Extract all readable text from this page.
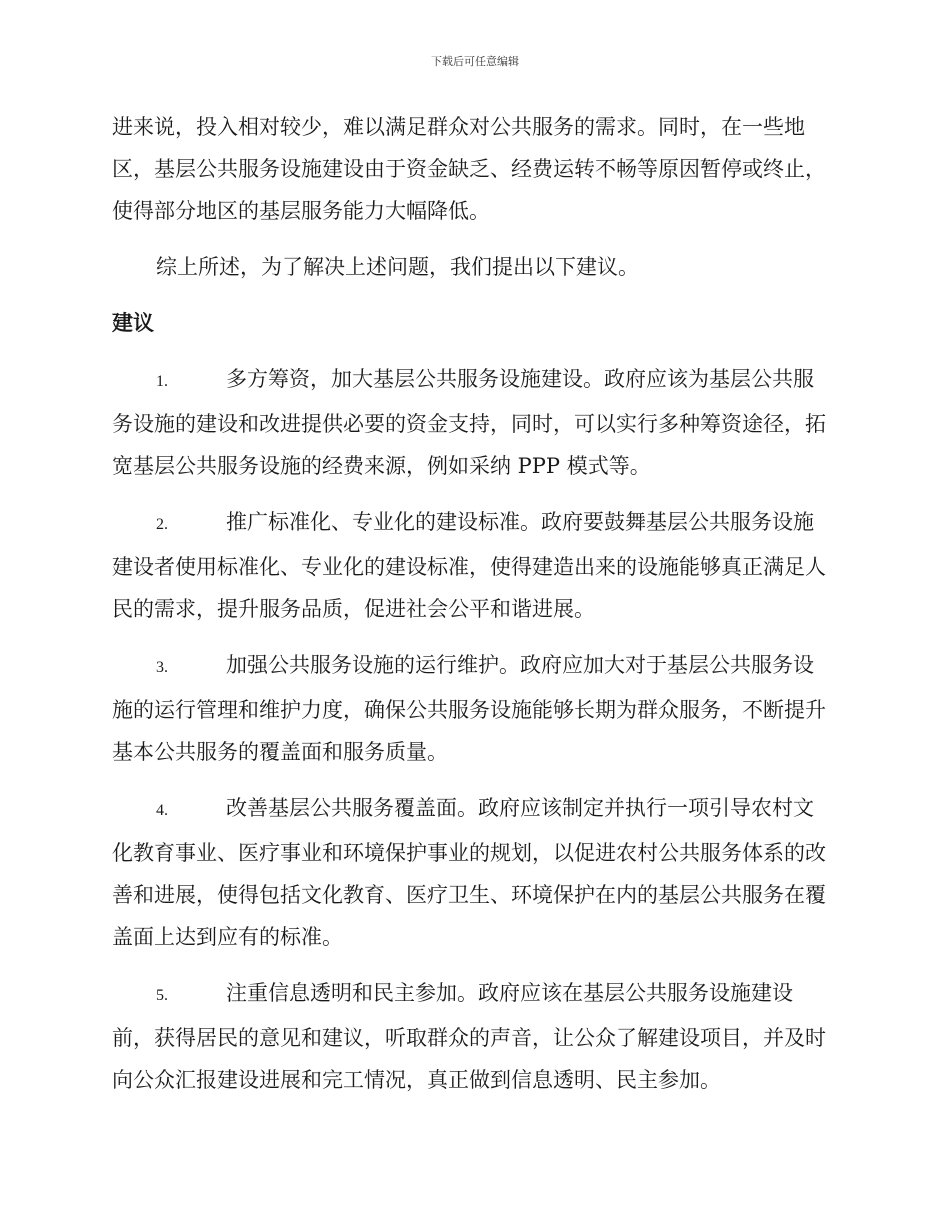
下载后可任意编辑

进来说，投入相对较少，难以满足群众对公共服务的需求。同时，在一些地区，基层公共服务设施建设由于资金缺乏、经费运转不畅等原因暂停或终止，使得部分地区的基层服务能力大幅降低。

综上所述，为了解决上述问题，我们提出以下建议。

建议

1.	多方筹资，加大基层公共服务设施建设。政府应该为基层公共服务设施的建设和改进提供必要的资金支持，同时，可以实行多种筹资途径，拓宽基层公共服务设施的经费来源，例如采纳 PPP 模式等。

2.	推广标准化、专业化的建设标准。政府要鼓舞基层公共服务设施建设者使用标准化、专业化的建设标准，使得建造出来的设施能够真正满足人民的需求，提升服务品质，促进社会公平和谐进展。

3.	加强公共服务设施的运行维护。政府应加大对于基层公共服务设施的运行管理和维护力度，确保公共服务设施能够长期为群众服务，不断提升基本公共服务的覆盖面和服务质量。

4.	改善基层公共服务覆盖面。政府应该制定并执行一项引导农村文化教育事业、医疗事业和环境保护事业的规划，以促进农村公共服务体系的改善和进展，使得包括文化教育、医疗卫生、环境保护在内的基层公共服务在覆盖面上达到应有的标准。

5.	注重信息透明和民主参加。政府应该在基层公共服务设施建设前，获得居民的意见和建议，听取群众的声音，让公众了解建设项目，并及时向公众汇报建设进展和完工情况，真正做到信息透明、民主参加。
